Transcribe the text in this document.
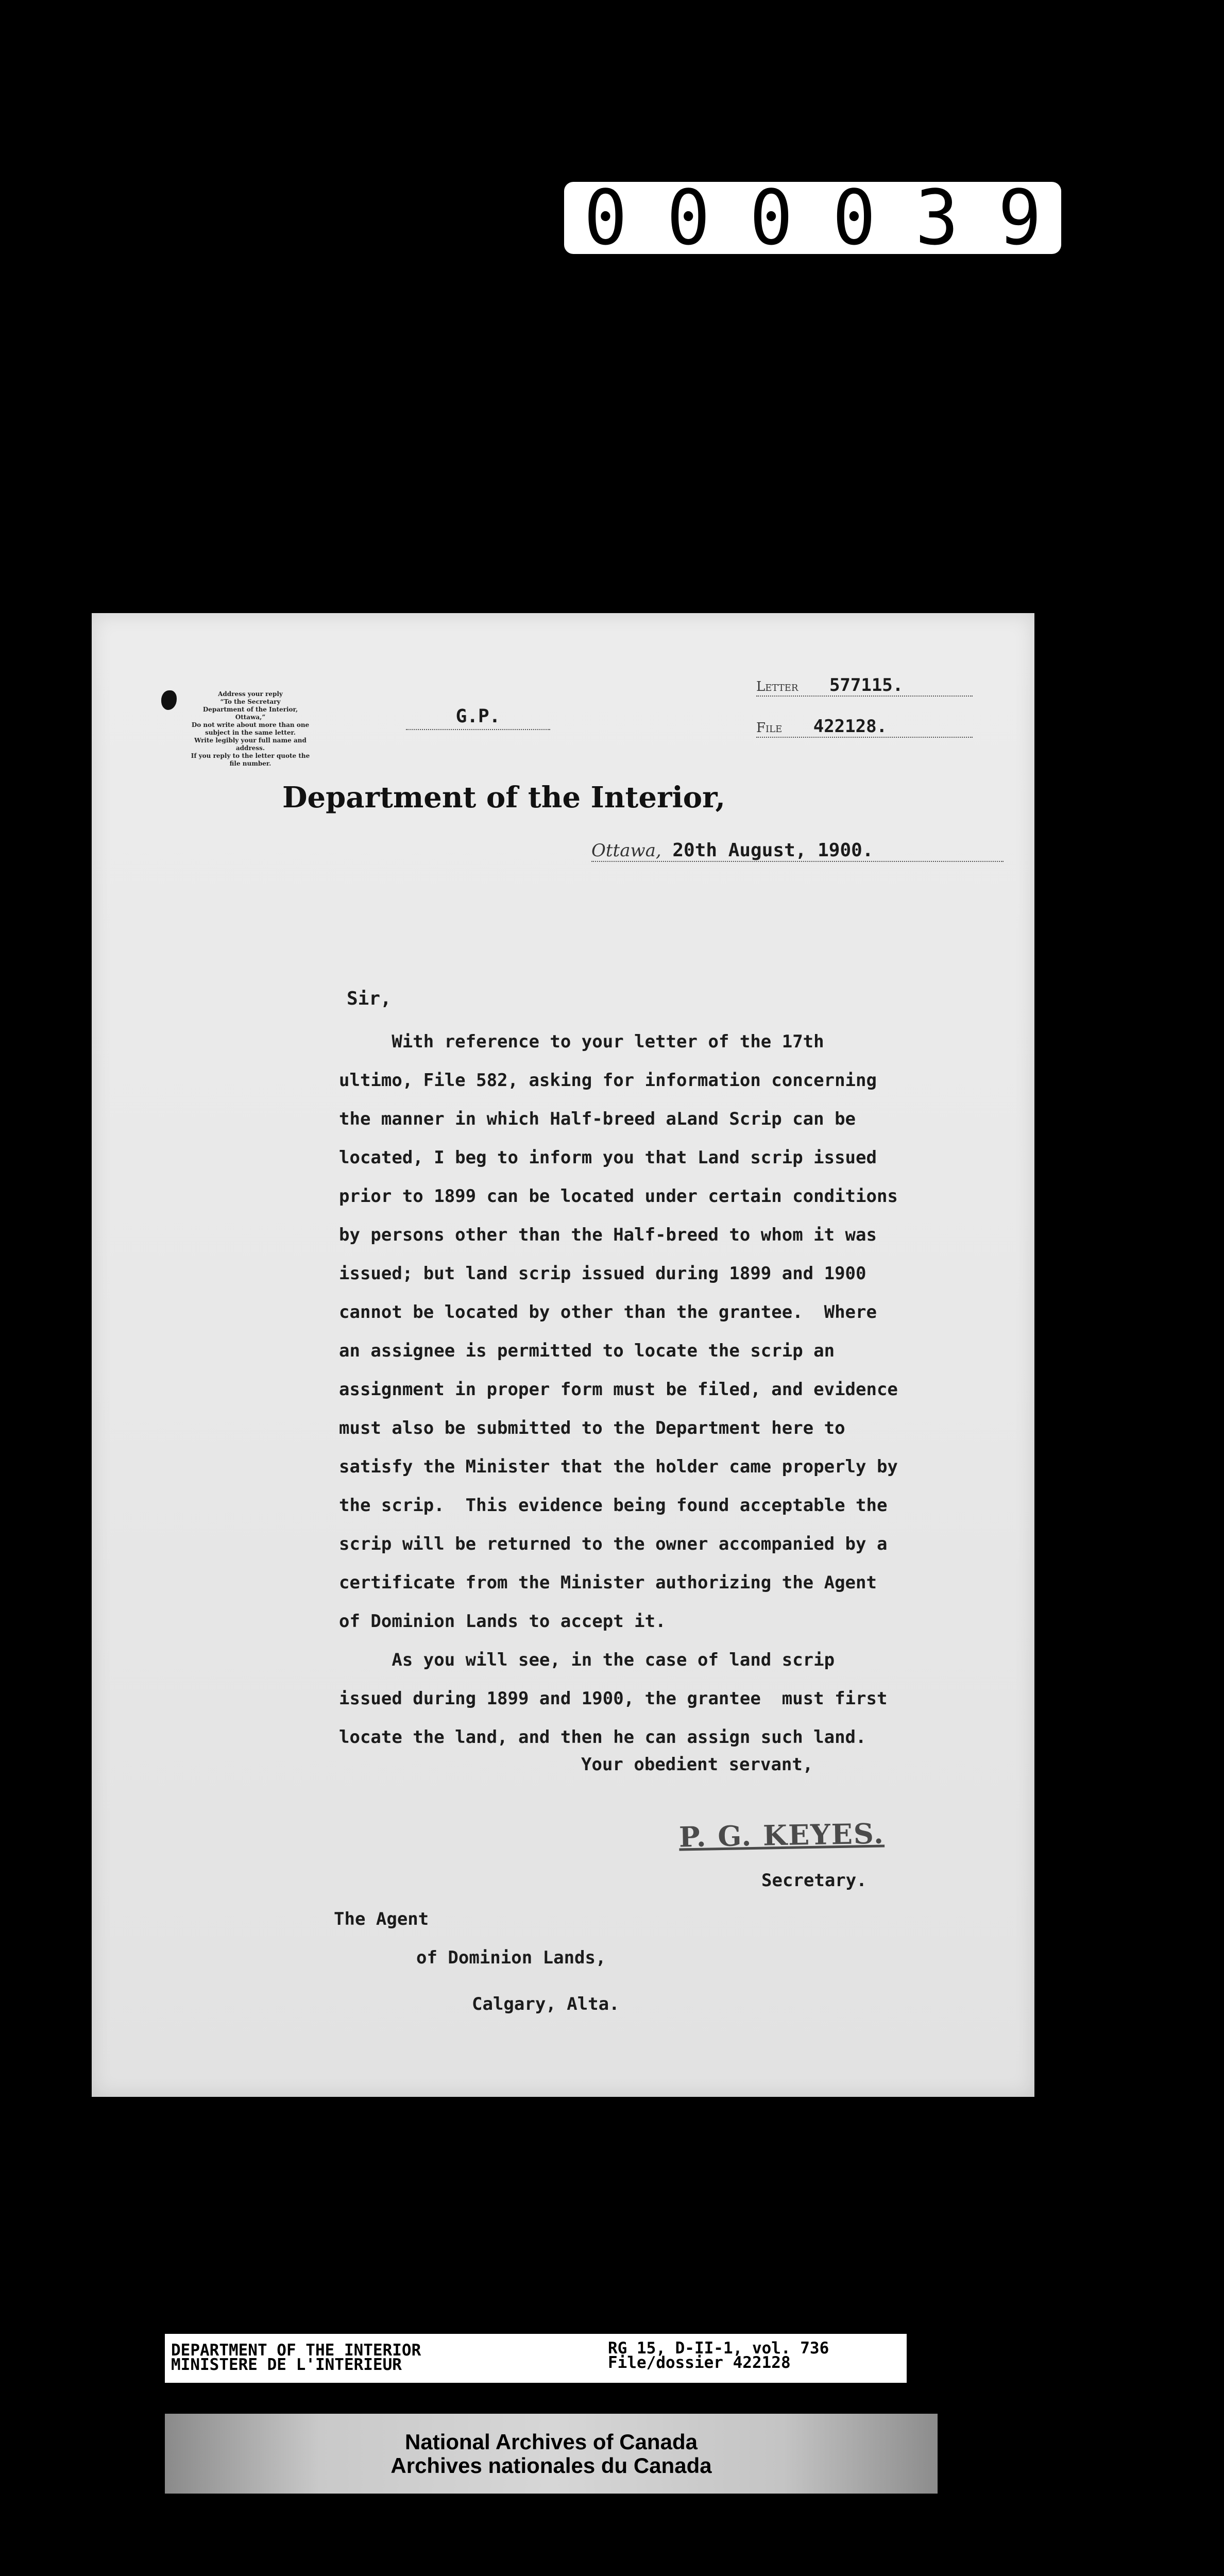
0 0 0 0 3 9
Address your reply
“To the Secretary
Department of the Interior,
Ottawa,”
Do not write about more than one
subject in the same letter.
Write legibly your full name and
address.
If you reply to the letter quote the
file number.
G.P.
Letter 577115.
File 422128.
Department of the Interior,
Ottawa, 20th August, 1900.
Sir,
With reference to your letter of the 17th
ultimo, File 582, asking for information concerning
the manner in which Half-breed aLand Scrip can be
located, I beg to inform you that Land scrip issued
prior to 1899 can be located under certain conditions
by persons other than the Half-breed to whom it was
issued; but land scrip issued during 1899 and 1900
cannot be located by other than the grantee.  Where
an assignee is permitted to locate the scrip an
assignment in proper form must be filed, and evidence
must also be submitted to the Department here to
satisfy the Minister that the holder came properly by
the scrip.  This evidence being found acceptable the
scrip will be returned to the owner accompanied by a
certificate from the Minister authorizing the Agent
of Dominion Lands to accept it.
As you will see, in the case of land scrip
issued during 1899 and 1900, the grantee  must first
locate the land, and then he can assign such land.
Your obedient servant,
P. G. KEYES.
Secretary.
The Agent
of Dominion Lands,
Calgary, Alta.
DEPARTMENT OF THE INTERIOR
MINISTERE DE L'INTERIEUR
RG 15, D-II-1, vol. 736
File/dossier 422128
National Archives of Canada
Archives nationales du Canada
